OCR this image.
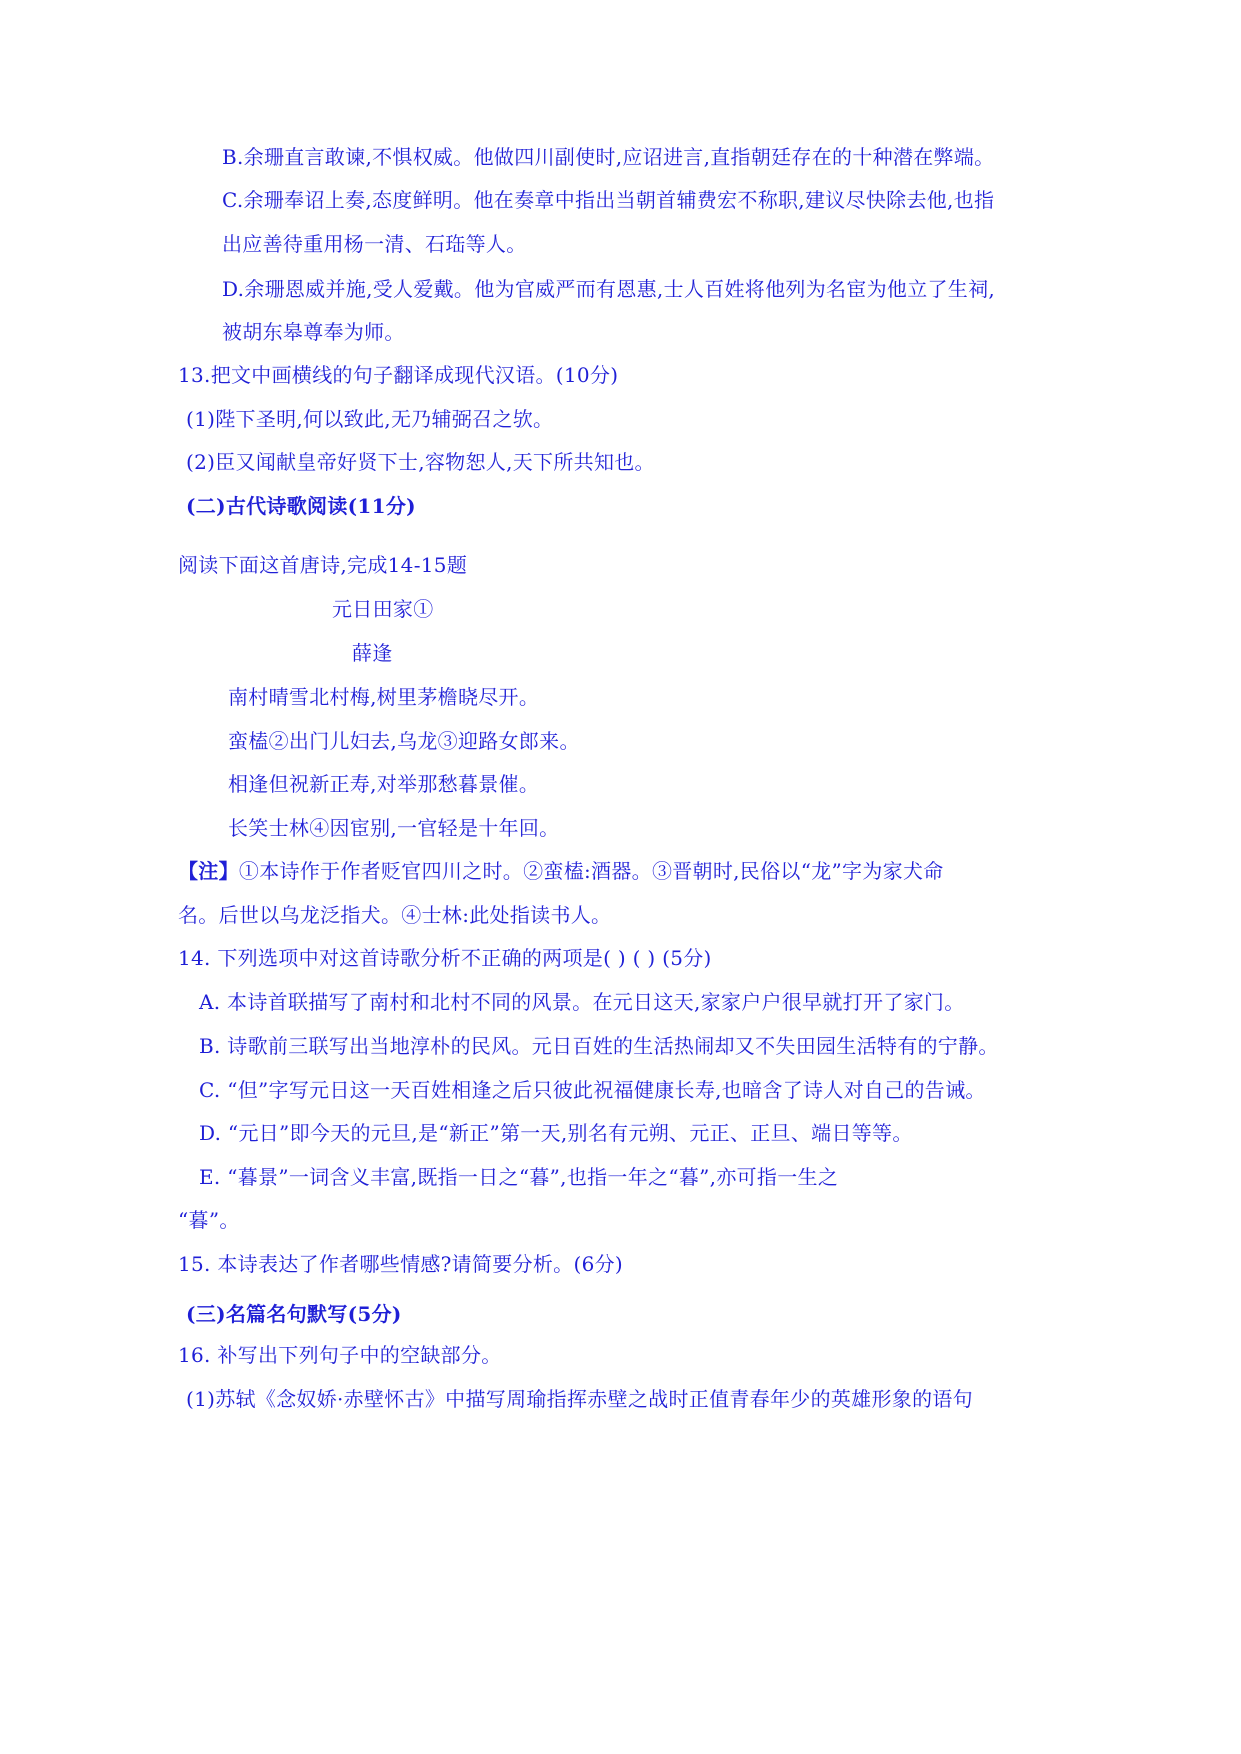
B.余珊直言敢谏,不惧权威。他做四川副使时,应诏进言,直指朝廷存在的十种潜在弊端。
C.余珊奉诏上奏,态度鲜明。他在奏章中指出当朝首辅费宏不称职,建议尽快除去他,也指
出应善待重用杨一清、石珤等人。
D.余珊恩威并施,受人爱戴。他为官威严而有恩惠,士人百姓将他列为名宦为他立了生祠,
被胡东皋尊奉为师。
13.把文中画横线的句子翻译成现代汉语。(10分)
(1)陛下圣明,何以致此,无乃辅弼召之欤。
(2)臣又闻献皇帝好贤下士,容物恕人,天下所共知也。
(二)古代诗歌阅读(11分)
阅读下面这首唐诗,完成14-15题
元日田家①
薛逢
南村晴雪北村梅,树里茅檐晓尽开。
蛮榼②出门儿妇去,乌龙③迎路女郎来。
相逢但祝新正寿,对举那愁暮景催。
长笑士林④因宦别,一官轻是十年回。
【注】①本诗作于作者贬官四川之时。②蛮榼:酒器。③晋朝时,民俗以“龙”字为家犬命
名。后世以乌龙泛指犬。④士林:此处指读书人。
14. 下列选项中对这首诗歌分析不正确的两项是( ) ( ) (5分)
A. 本诗首联描写了南村和北村不同的风景。在元日这天,家家户户很早就打开了家门。
B. 诗歌前三联写出当地淳朴的民风。元日百姓的生活热闹却又不失田园生活特有的宁静。
C. “但”字写元日这一天百姓相逢之后只彼此祝福健康长寿,也暗含了诗人对自己的告诫。
D. “元日”即今天的元旦,是“新正”第一天,别名有元朔、元正、正旦、端日等等。
E. “暮景”一词含义丰富,既指一日之“暮”,也指一年之“暮”,亦可指一生之
“暮”。
15. 本诗表达了作者哪些情感?请简要分析。(6分)
(三)名篇名句默写(5分)
16. 补写出下列句子中的空缺部分。
(1)苏轼《念奴娇·赤壁怀古》中描写周瑜指挥赤壁之战时正值青春年少的英雄形象的语句
